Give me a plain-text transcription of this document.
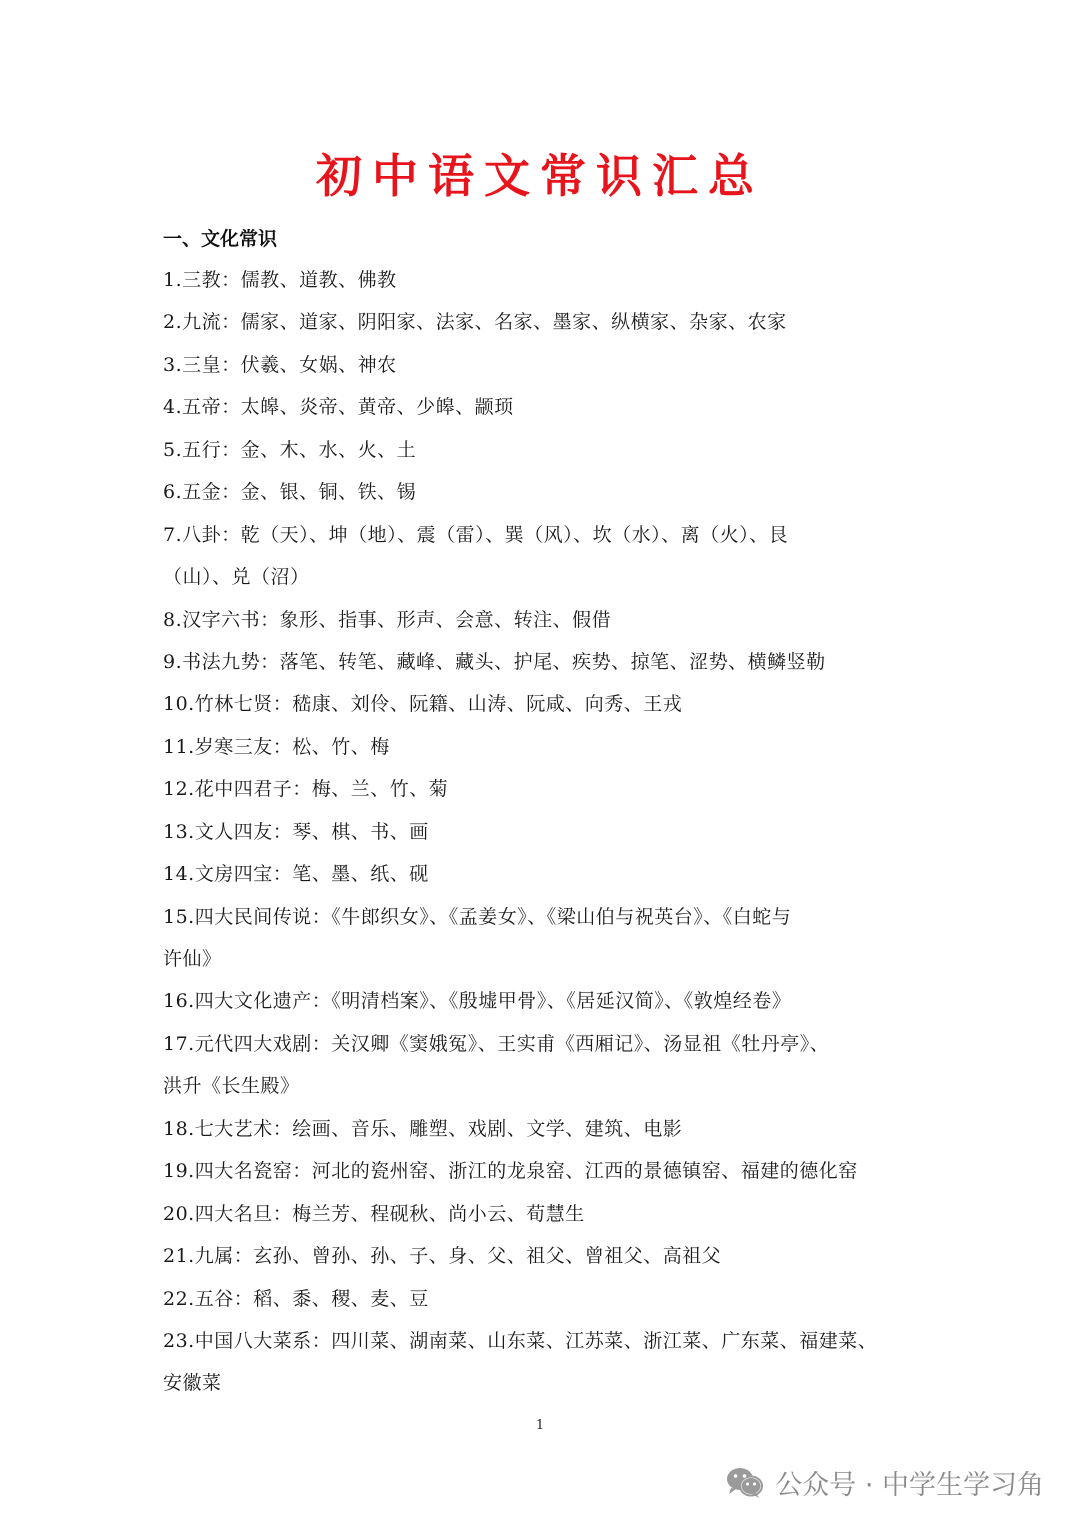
初中语文常识汇总
一、文化常识
1.三教：儒教、道教、佛教
2.九流：儒家、道家、阴阳家、法家、名家、墨家、纵横家、杂家、农家
3.三皇：伏羲、女娲、神农
4.五帝：太皞、炎帝、黄帝、少皞、颛顼
5.五行：金、木、水、火、土
6.五金：金、银、铜、铁、锡
7.八卦：乾（天）、坤（地）、震（雷）、巽（风）、坎（水）、离（火）、艮
（山）、兑（沼）
8.汉字六书：象形、指事、形声、会意、转注、假借
9.书法九势：落笔、转笔、藏峰、藏头、护尾、疾势、掠笔、涩势、横鳞竖勒
10.竹林七贤：嵇康、刘伶、阮籍、山涛、阮咸、向秀、王戎
11.岁寒三友：松、竹、梅
12.花中四君子：梅、兰、竹、菊
13.文人四友：琴、棋、书、画
14.文房四宝：笔、墨、纸、砚
15.四大民间传说：《牛郎织女》、《孟姜女》、《梁山伯与祝英台》、《白蛇与
许仙》
16.四大文化遗产：《明清档案》、《殷墟甲骨》、《居延汉简》、《敦煌经卷》
17.元代四大戏剧：关汉卿《窦娥冤》、王实甫《西厢记》、汤显祖《牡丹亭》、
洪升《长生殿》
18.七大艺术：绘画、音乐、雕塑、戏剧、文学、建筑、电影
19.四大名瓷窑：河北的瓷州窑、浙江的龙泉窑、江西的景德镇窑、福建的德化窑
20.四大名旦：梅兰芳、程砚秋、尚小云、荀慧生
21.九属：玄孙、曾孙、孙、子、身、父、祖父、曾祖父、高祖父
22.五谷：稻、黍、稷、麦、豆
23.中国八大菜系：四川菜、湖南菜、山东菜、江苏菜、浙江菜、广东菜、福建菜、
安徽菜
1
公众号 · 中学生学习角
